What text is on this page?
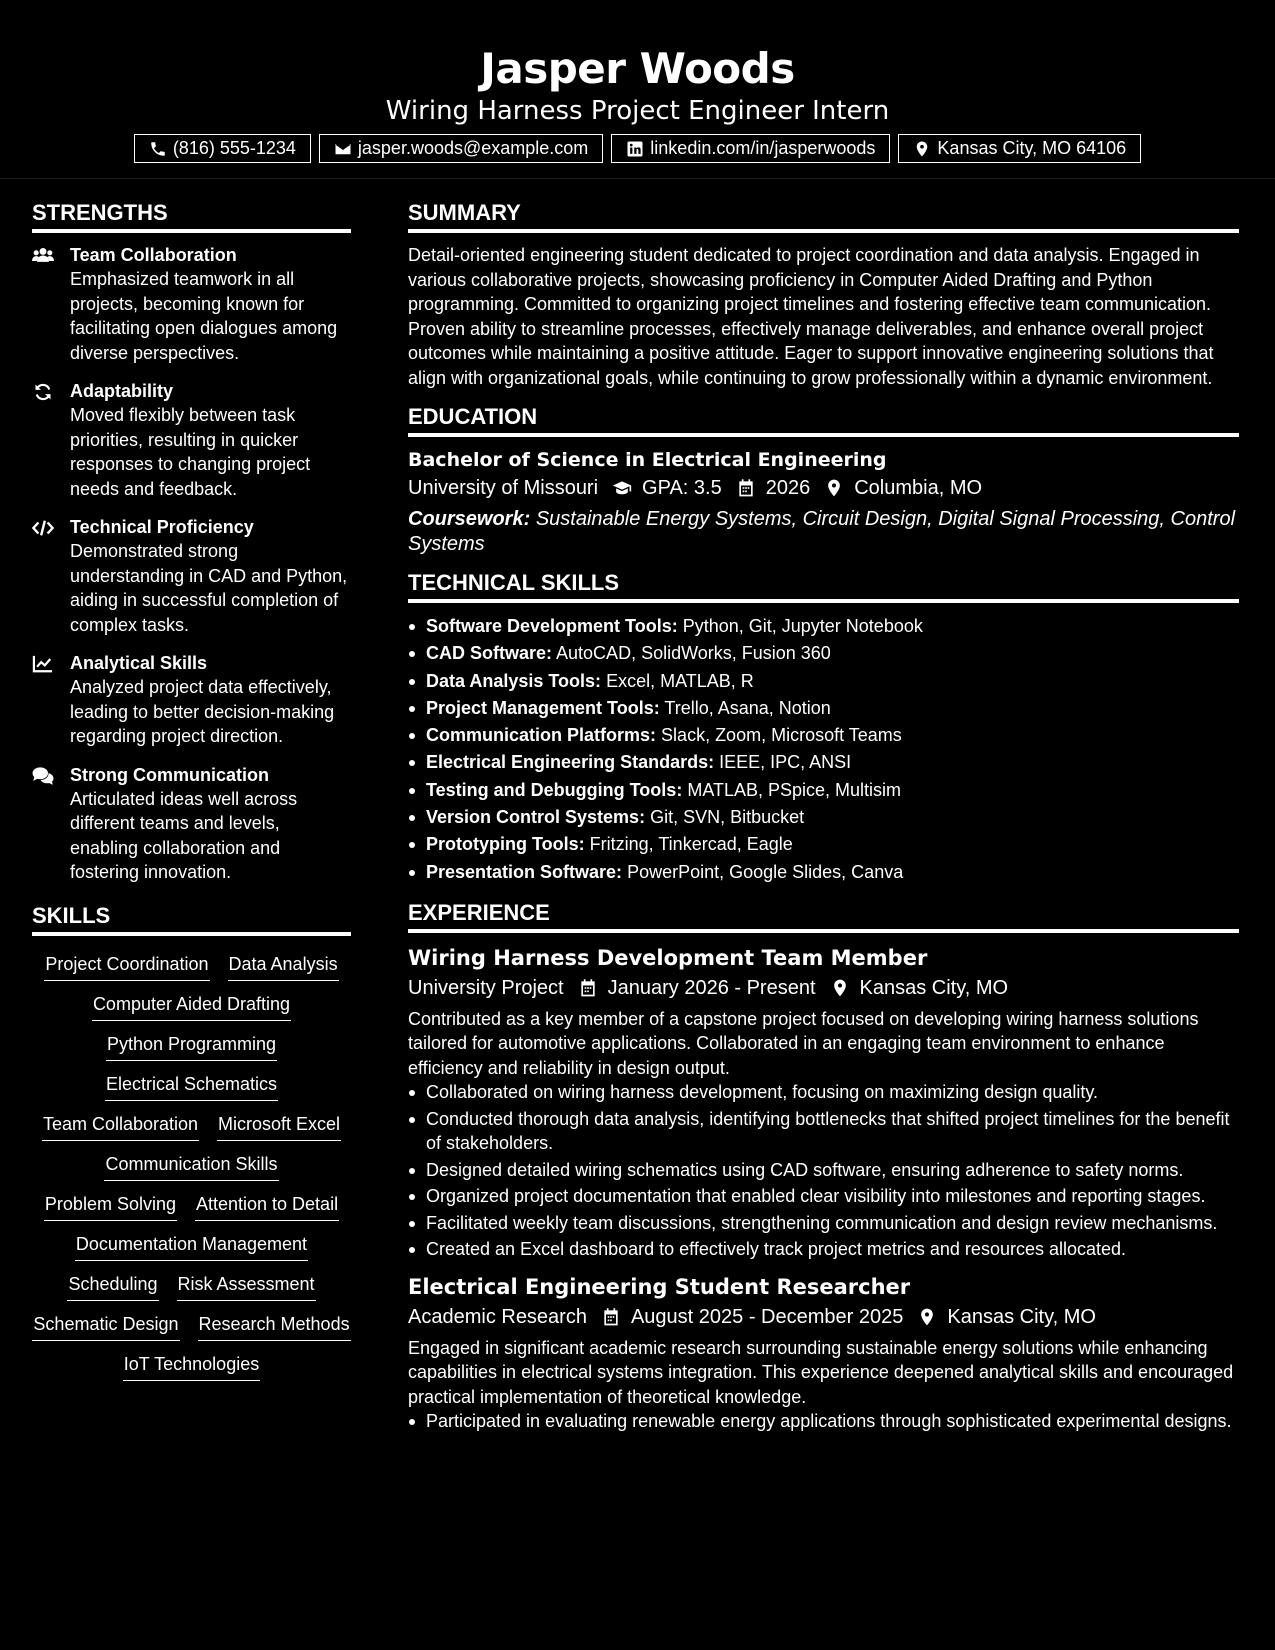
Jasper Woods
Wiring Harness Project Engineer Intern
(816) 555-1234	jasper.woods@example.com	linkedin.com/in/jasperwoods	Kansas City, MO 64106
STRENGTHS
Team Collaboration
Emphasized teamwork in all projects, becoming known for facilitating open dialogues among diverse perspectives.
Adaptability
Moved flexibly between task priorities, resulting in quicker responses to changing project needs and feedback.
Technical Proficiency
Demonstrated strong understanding in CAD and Python, aiding in successful completion of complex tasks.
Analytical Skills
Analyzed project data effectively, leading to better decision-making regarding project direction.
Strong Communication
Articulated ideas well across different teams and levels, enabling collaboration and fostering innovation.
SKILLS
Project Coordination Data Analysis
Computer Aided Drafting
Python Programming
Electrical Schematics
Team Collaboration Microsoft Excel
Communication Skills
Problem Solving Attention to Detail
Documentation Management
Scheduling Risk Assessment
Schematic Design Research Methods
IoT Technologies
SUMMARY

Detail-oriented engineering student dedicated to project coordination and data analysis. Engaged in various collaborative projects, showcasing proficiency in Computer Aided Drafting and Python programming. Committed to organizing project timelines and fostering effective team communication. Proven ability to streamline processes, effectively manage deliverables, and enhance overall project outcomes while maintaining a positive attitude. Eager to support innovative engineering solutions that align with organizational goals, while continuing to grow professionally within a dynamic environment.

EDUCATION
Bachelor of Science in Electrical Engineering
University of Missouri GPA: 3.5 2026 Columbia, MO
Coursework: Sustainable Energy Systems, Circuit Design, Digital Signal Processing, Control Systems
TECHNICAL SKILLS
Software Development Tools: Python, Git, Jupyter Notebook
CAD Software: AutoCAD, SolidWorks, Fusion 360
Data Analysis Tools: Excel, MATLAB, R
Project Management Tools: Trello, Asana, Notion
Communication Platforms: Slack, Zoom, Microsoft Teams
Electrical Engineering Standards: IEEE, IPC, ANSI
Testing and Debugging Tools: MATLAB, PSpice, Multisim
Version Control Systems: Git, SVN, Bitbucket
Prototyping Tools: Fritzing, Tinkercad, Eagle
Presentation Software: PowerPoint, Google Slides, Canva
EXPERIENCE
Wiring Harness Development Team Member
University Project January 2026 - Present Kansas City, MO

Contributed as a key member of a capstone project focused on developing wiring harness solutions tailored for automotive applications. Collaborated in an engaging team environment to enhance efficiency and reliability in design output.

Collaborated on wiring harness development, focusing on maximizing design quality.
Conducted thorough data analysis, identifying bottlenecks that shifted project timelines for the benefit of stakeholders.
Designed detailed wiring schematics using CAD software, ensuring adherence to safety norms.
Organized project documentation that enabled clear visibility into milestones and reporting stages.
Facilitated weekly team discussions, strengthening communication and design review mechanisms.
Created an Excel dashboard to effectively track project metrics and resources allocated.
Electrical Engineering Student Researcher
Academic Research August 2025 - December 2025 Kansas City, MO

Engaged in significant academic research surrounding sustainable energy solutions while enhancing capabilities in electrical systems integration. This experience deepened analytical skills and encouraged practical implementation of theoretical knowledge.

Participated in evaluating renewable energy applications through sophisticated experimental designs.
